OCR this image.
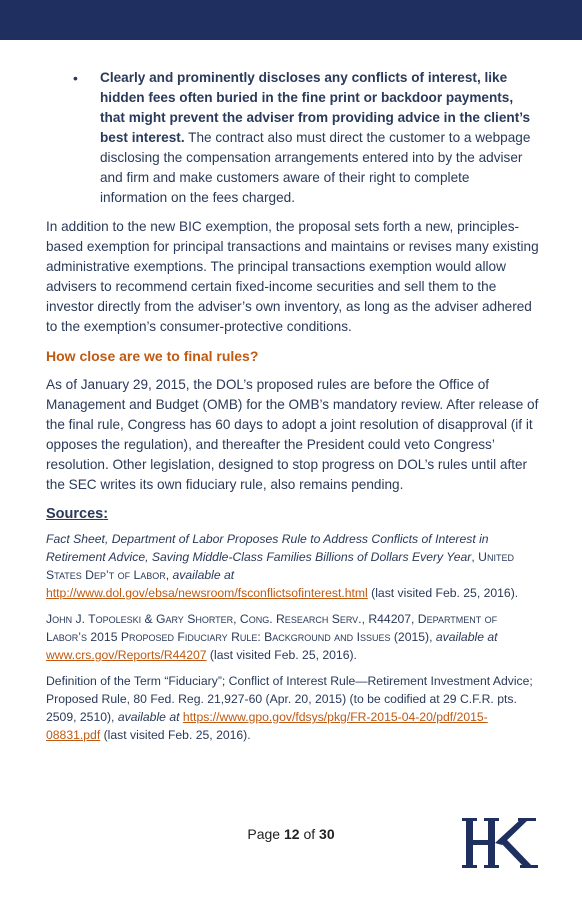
• Clearly and prominently discloses any conflicts of interest, like hidden fees often buried in the fine print or backdoor payments, that might prevent the adviser from providing advice in the client’s best interest. The contract also must direct the customer to a webpage disclosing the compensation arrangements entered into by the adviser and firm and make customers aware of their right to complete information on the fees charged.

In addition to the new BIC exemption, the proposal sets forth a new, principles-based exemption for principal transactions and maintains or revises many existing administrative exemptions. The principal transactions exemption would allow advisers to recommend certain fixed-income securities and sell them to the investor directly from the adviser’s own inventory, as long as the adviser adhered to the exemption’s consumer-protective conditions.

How close are we to final rules?

As of January 29, 2015, the DOL’s proposed rules are before the Office of Management and Budget (OMB) for the OMB’s mandatory review. After release of the final rule, Congress has 60 days to adopt a joint resolution of disapproval (if it opposes the regulation), and thereafter the President could veto Congress’ resolution. Other legislation, designed to stop progress on DOL’s rules until after the SEC writes its own fiduciary rule, also remains pending.

Sources:
Fact Sheet, Department of Labor Proposes Rule to Address Conflicts of Interest in Retirement Advice, Saving Middle-Class Families Billions of Dollars Every Year, United States Dep’t of Labor, available at http://www.dol.gov/ebsa/newsroom/fsconflictsofinterest.html (last visited Feb. 25, 2016).
John J. Topoleski & Gary Shorter, Cong. Research Serv., R44207, Department of Labor’s 2015 Proposed Fiduciary Rule: Background and Issues (2015), available at www.crs.gov/Reports/R44207 (last visited Feb. 25, 2016).
Definition of the Term “Fiduciary”; Conflict of Interest Rule—Retirement Investment Advice; Proposed Rule, 80 Fed. Reg. 21,927-60 (Apr. 20, 2015) (to be codified at 29 C.F.R. pts. 2509, 2510), available at https://www.gpo.gov/fdsys/pkg/FR-2015-04-20/pdf/2015-08831.pdf (last visited Feb. 25, 2016).
Page 12 of 30
